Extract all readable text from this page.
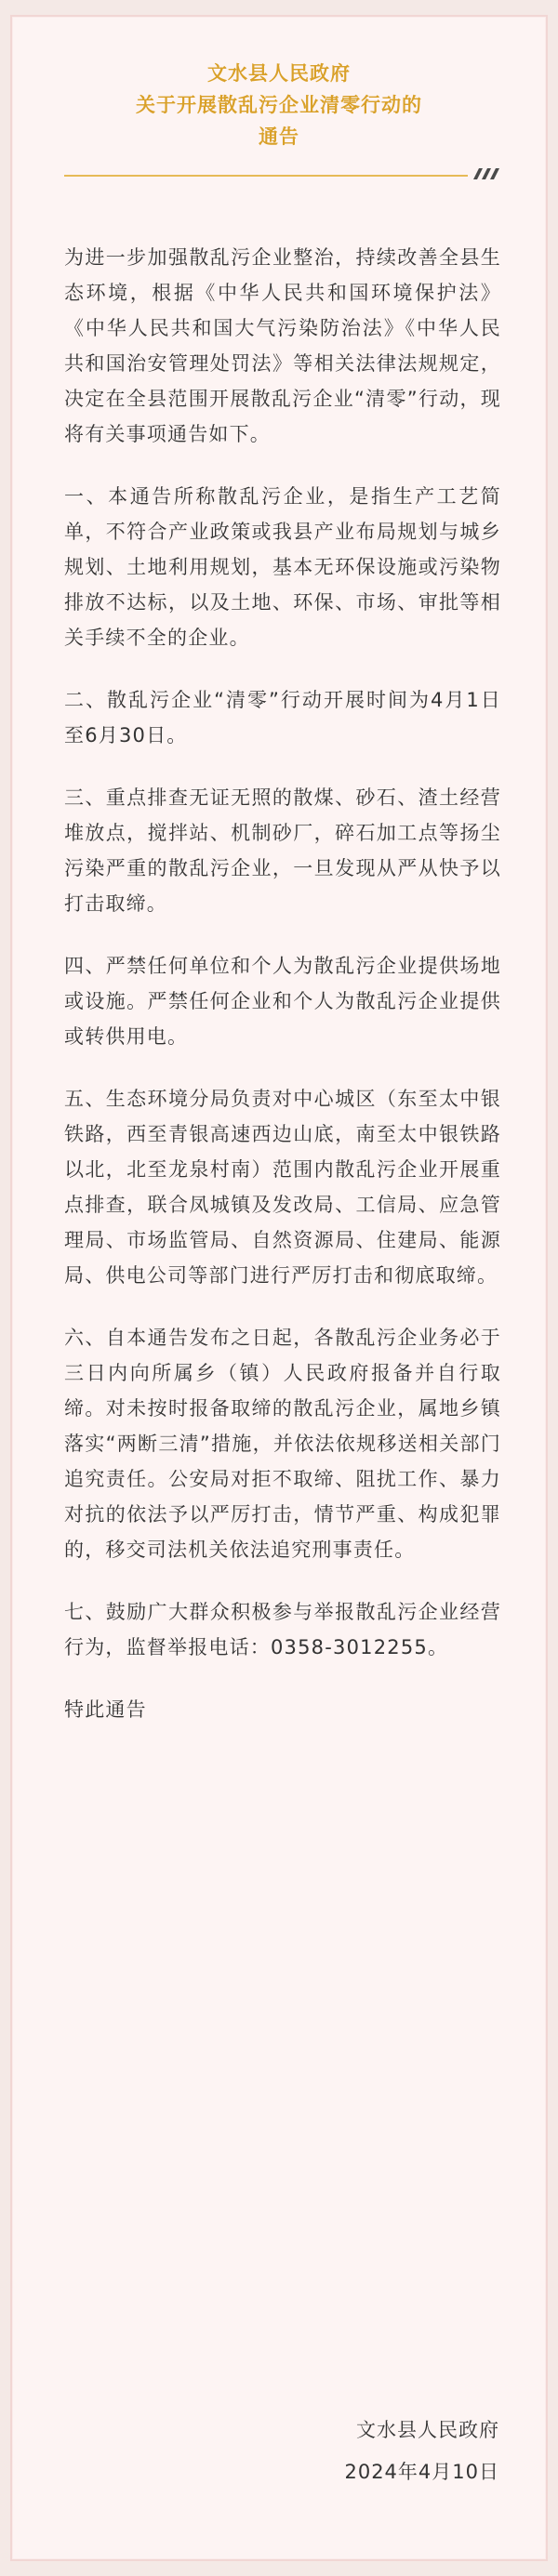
文水县人民政府
关于开展散乱污企业清零行动的
通告

为进一步加强散乱污企业整治，持续改善全县生态环境，根据《中华人民共和国环境保护法》《中华人民共和国大气污染防治法》《中华人民共和国治安管理处罚法》等相关法律法规规定，决定在全县范围开展散乱污企业“清零”行动，现将有关事项通告如下。

一、本通告所称散乱污企业，是指生产工艺简单，不符合产业政策或我县产业布局规划与城乡规划、土地利用规划，基本无环保设施或污染物排放不达标，以及土地、环保、市场、审批等相关手续不全的企业。

二、散乱污企业“清零”行动开展时间为4月1日至6月30日。

三、重点排查无证无照的散煤、砂石、渣土经营堆放点，搅拌站、机制砂厂，碎石加工点等扬尘污染严重的散乱污企业，一旦发现从严从快予以打击取缔。

四、严禁任何单位和个人为散乱污企业提供场地或设施。严禁任何企业和个人为散乱污企业提供或转供用电。

五、生态环境分局负责对中心城区（东至太中银铁路，西至青银高速西边山底，南至太中银铁路以北，北至龙泉村南）范围内散乱污企业开展重点排查，联合凤城镇及发改局、工信局、应急管理局、市场监管局、自然资源局、住建局、能源局、供电公司等部门进行严厉打击和彻底取缔。

六、自本通告发布之日起，各散乱污企业务必于三日内向所属乡（镇）人民政府报备并自行取缔。对未按时报备取缔的散乱污企业，属地乡镇落实“两断三清”措施，并依法依规移送相关部门追究责任。公安局对拒不取缔、阻扰工作、暴力对抗的依法予以严厉打击，情节严重、构成犯罪的，移交司法机关依法追究刑事责任。

七、鼓励广大群众积极参与举报散乱污企业经营行为，监督举报电话：0358-3012255。

特此通告

文水县人民政府
2024年4月10日
